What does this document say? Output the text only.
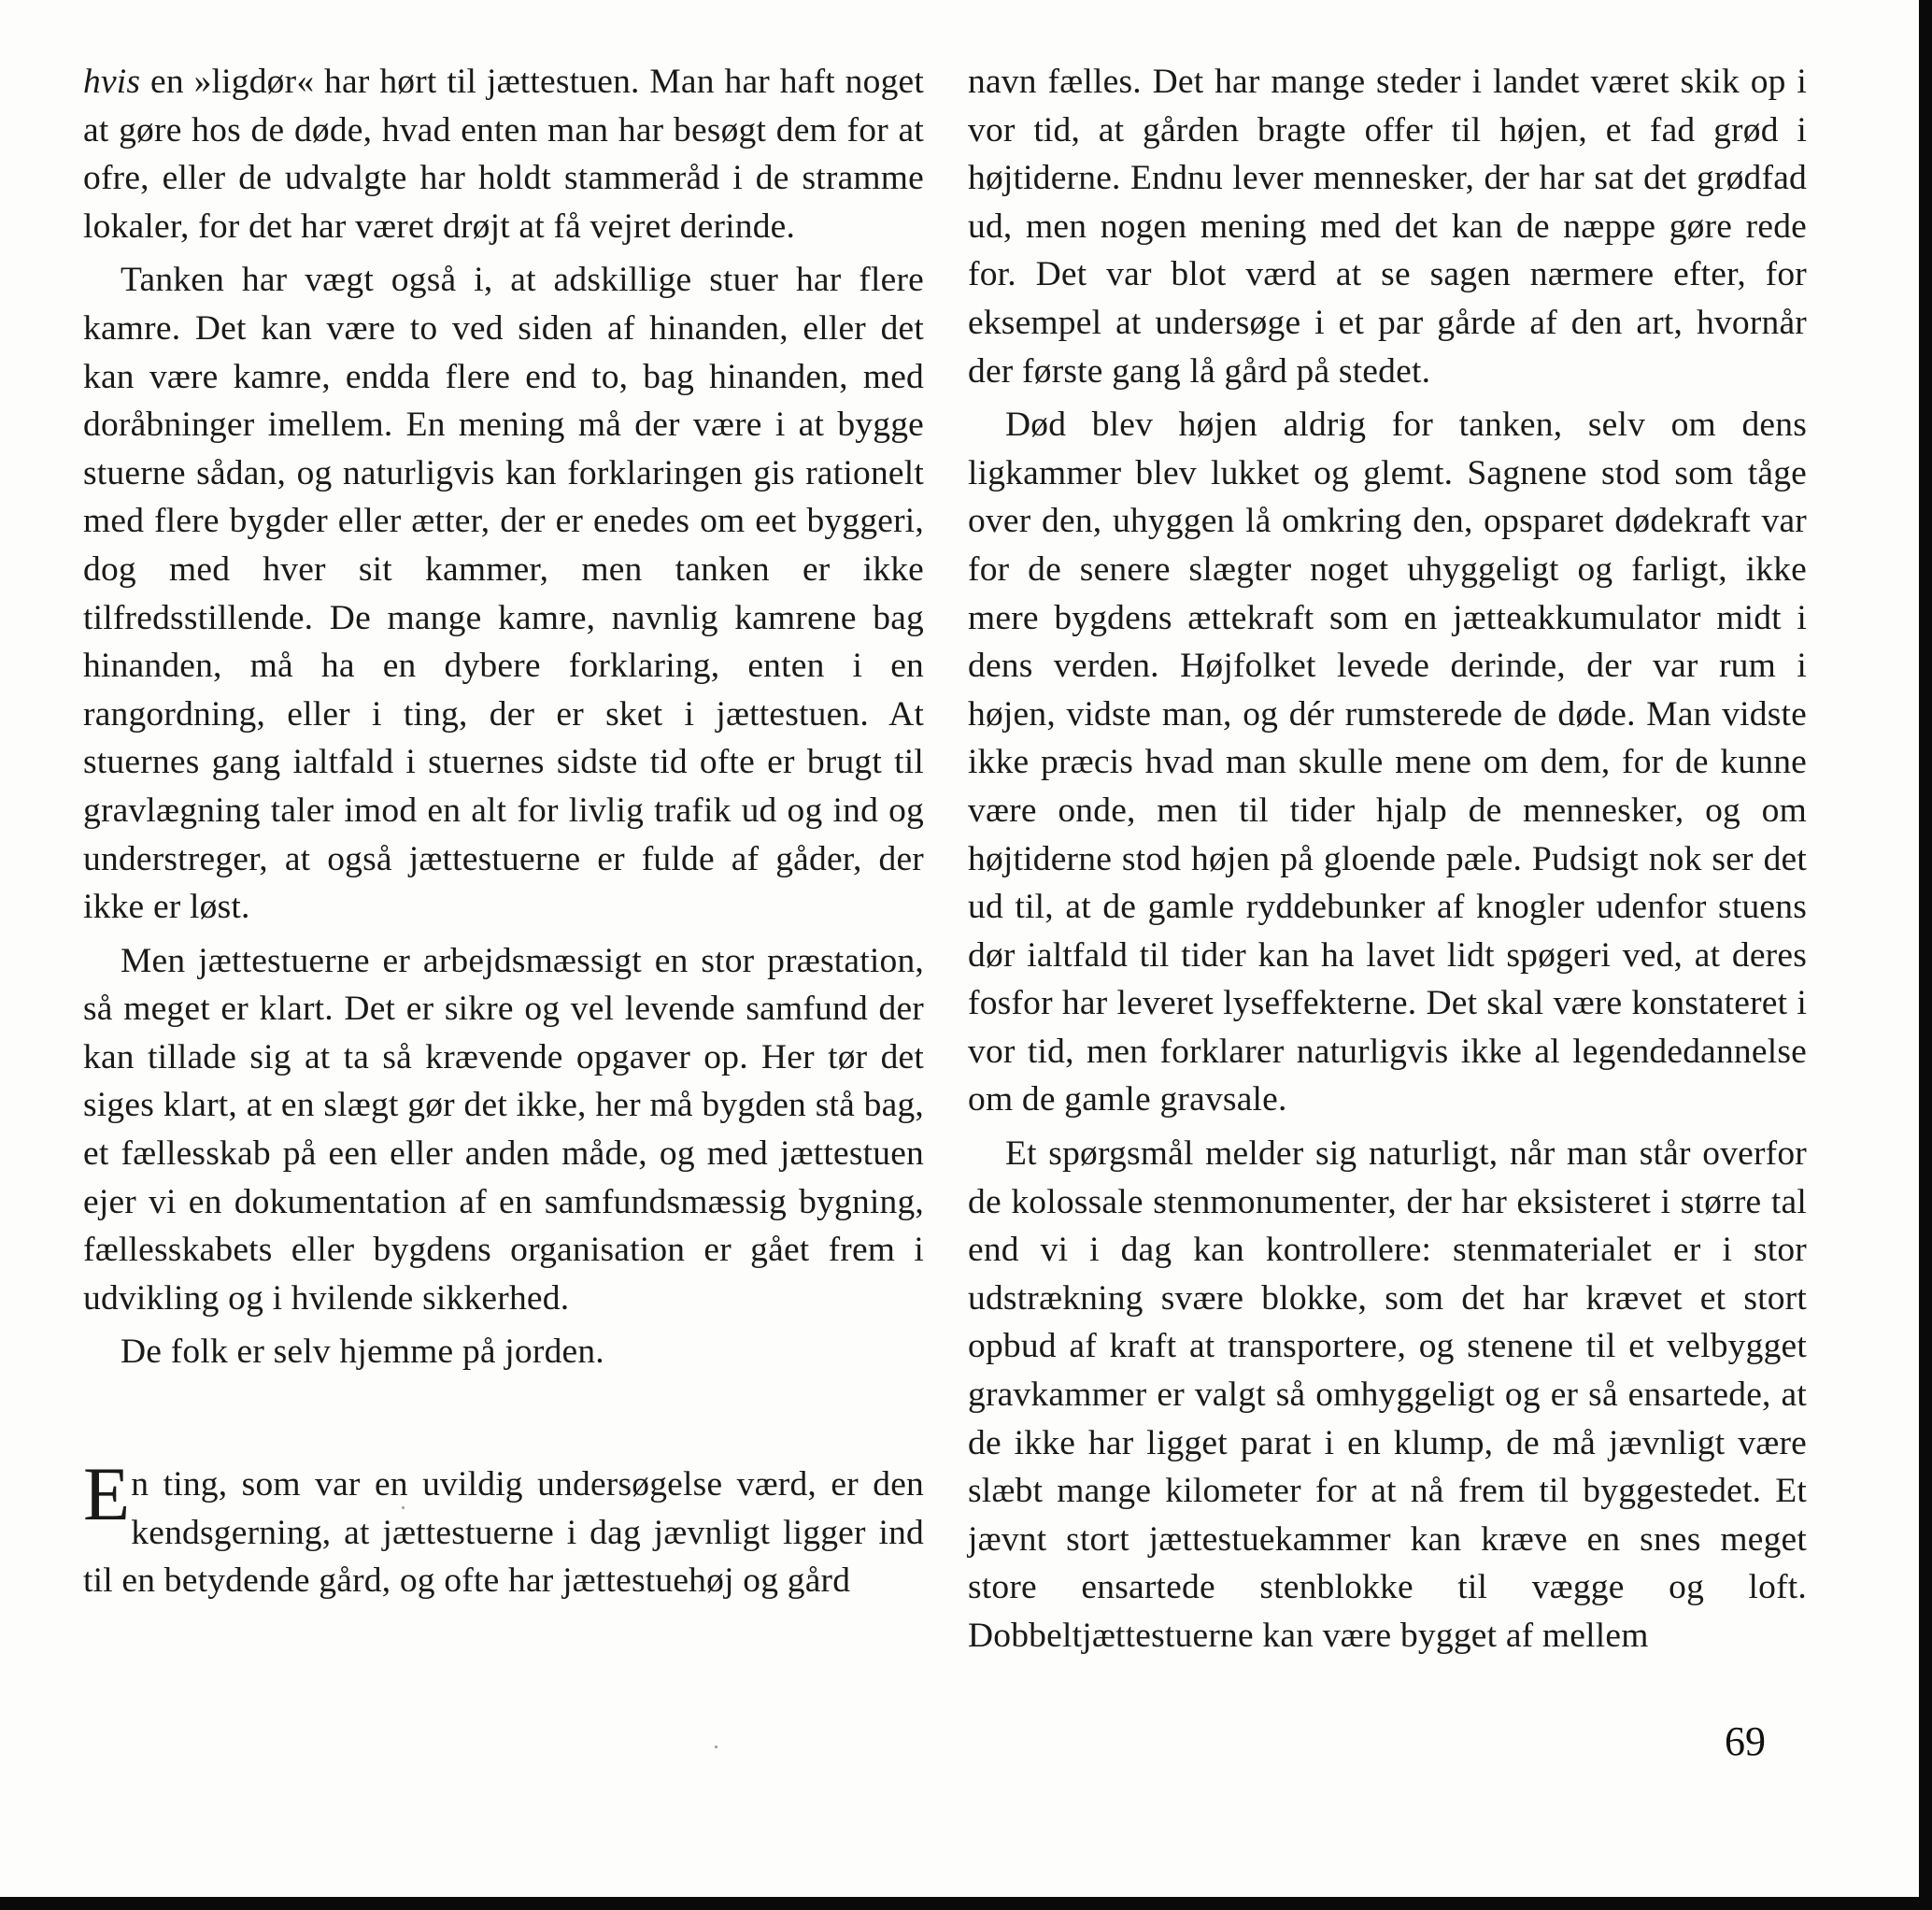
hvis en »ligdør« har hørt til jættestuen. Man har haft noget at gøre hos de døde, hvad enten man har besøgt dem for at ofre, eller de udvalgte har holdt stammeråd i de stramme lokaler, for det har været drøjt at få vejret derinde.

Tanken har vægt også i, at adskillige stuer har flere kamre. Det kan være to ved siden af hinanden, eller det kan være kamre, endda flere end to, bag hinanden, med doråbninger imellem. En mening må der være i at bygge stuerne sådan, og naturligvis kan forklaringen gis rationelt med flere bygder eller ætter, der er enedes om eet byggeri, dog med hver sit kammer, men tanken er ikke tilfredsstillende. De mange kamre, navnlig kamrene bag hinanden, må ha en dybere forklaring, enten i en rangordning, eller i ting, der er sket i jættestuen. At stuernes gang ialtfald i stuernes sidste tid ofte er brugt til gravlægning taler imod en alt for livlig trafik ud og ind og understreger, at også jættestuerne er fulde af gåder, der ikke er løst.

Men jættestuerne er arbejdsmæssigt en stor præstation, så meget er klart. Det er sikre og vel levende samfund der kan tillade sig at ta så krævende opgaver op. Her tør det siges klart, at en slægt gør det ikke, her må bygden stå bag, et fællesskab på een eller anden måde, og med jættestuen ejer vi en dokumentation af en samfundsmæssig bygning, fællesskabets eller bygdens organisation er gået frem i udvikling og i hvilende sikkerhed.

De folk er selv hjemme på jorden.

En ting, som var en uvildig undersøgelse værd, er den kendsgerning, at jættestuerne i dag jævnligt ligger ind til en betydende gård, og ofte har jættestuehøj og gård

navn fælles. Det har mange steder i landet været skik op i vor tid, at gården bragte offer til højen, et fad grød i højtiderne. Endnu lever mennesker, der har sat det grødfad ud, men nogen mening med det kan de næppe gøre rede for. Det var blot værd at se sagen nærmere efter, for eksempel at undersøge i et par gårde af den art, hvornår der første gang lå gård på stedet.

Død blev højen aldrig for tanken, selv om dens ligkammer blev lukket og glemt. Sagnene stod som tåge over den, uhyggen lå omkring den, opsparet dødekraft var for de senere slægter noget uhyggeligt og farligt, ikke mere bygdens ættekraft som en jætteakkumulator midt i dens verden. Højfolket levede derinde, der var rum i højen, vidste man, og dér rumsterede de døde. Man vidste ikke præcis hvad man skulle mene om dem, for de kunne være onde, men til tider hjalp de mennesker, og om højtiderne stod højen på gloende pæle. Pudsigt nok ser det ud til, at de gamle ryddebunker af knogler udenfor stuens dør ialtfald til tider kan ha lavet lidt spøgeri ved, at deres fosfor har leveret lyseffekterne. Det skal være konstateret i vor tid, men forklarer naturligvis ikke al legendedannelse om de gamle gravsale.

Et spørgsmål melder sig naturligt, når man står overfor de kolossale stenmonumenter, der har eksisteret i større tal end vi i dag kan kontrollere: stenmaterialet er i stor udstrækning svære blokke, som det har krævet et stort opbud af kraft at transportere, og stenene til et velbygget gravkammer er valgt så omhyggeligt og er så ensartede, at de ikke har ligget parat i en klump, de må jævnligt være slæbt mange kilometer for at nå frem til byggestedet. Et jævnt stort jættestuekammer kan kræve en snes meget store ensartede stenblokke til vægge og loft. Dobbeltjættestuerne kan være bygget af mellem

69
